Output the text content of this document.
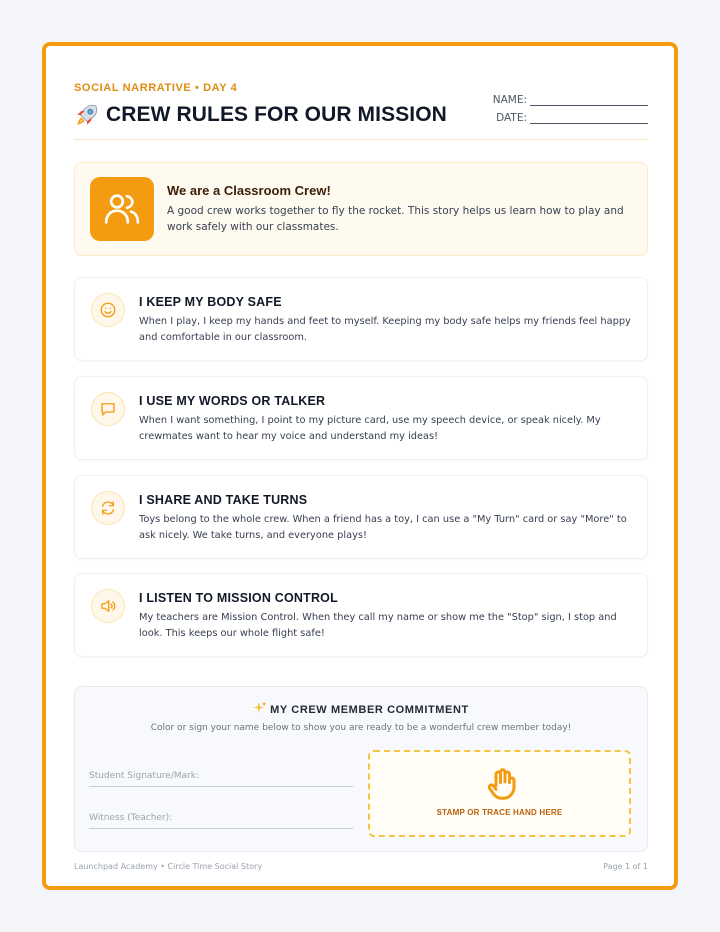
SOCIAL NARRATIVE • DAY 4
CREW RULES FOR OUR MISSION
NAME:
DATE:
We are a Classroom Crew!
A good crew works together to fly the rocket. This story helps us learn how to play and work safely with our classmates.
I KEEP MY BODY SAFE
When I play, I keep my hands and feet to myself. Keeping my body safe helps my friends feel happy and comfortable in our classroom.
I USE MY WORDS OR TALKER
When I want something, I point to my picture card, use my speech device, or speak nicely. My crewmates want to hear my voice and understand my ideas!
I SHARE AND TAKE TURNS
Toys belong to the whole crew. When a friend has a toy, I can use a "My Turn" card or say "More" to ask nicely. We take turns, and everyone plays!
I LISTEN TO MISSION CONTROL
My teachers are Mission Control. When they call my name or show me the "Stop" sign, I stop and look. This keeps our whole flight safe!
MY CREW MEMBER COMMITMENT
Color or sign your name below to show you are ready to be a wonderful crew member today!
Student Signature/Mark:
Witness (Teacher):
STAMP OR TRACE HAND HERE
Launchpad Academy • Circle Time Social Story	Page 1 of 1
